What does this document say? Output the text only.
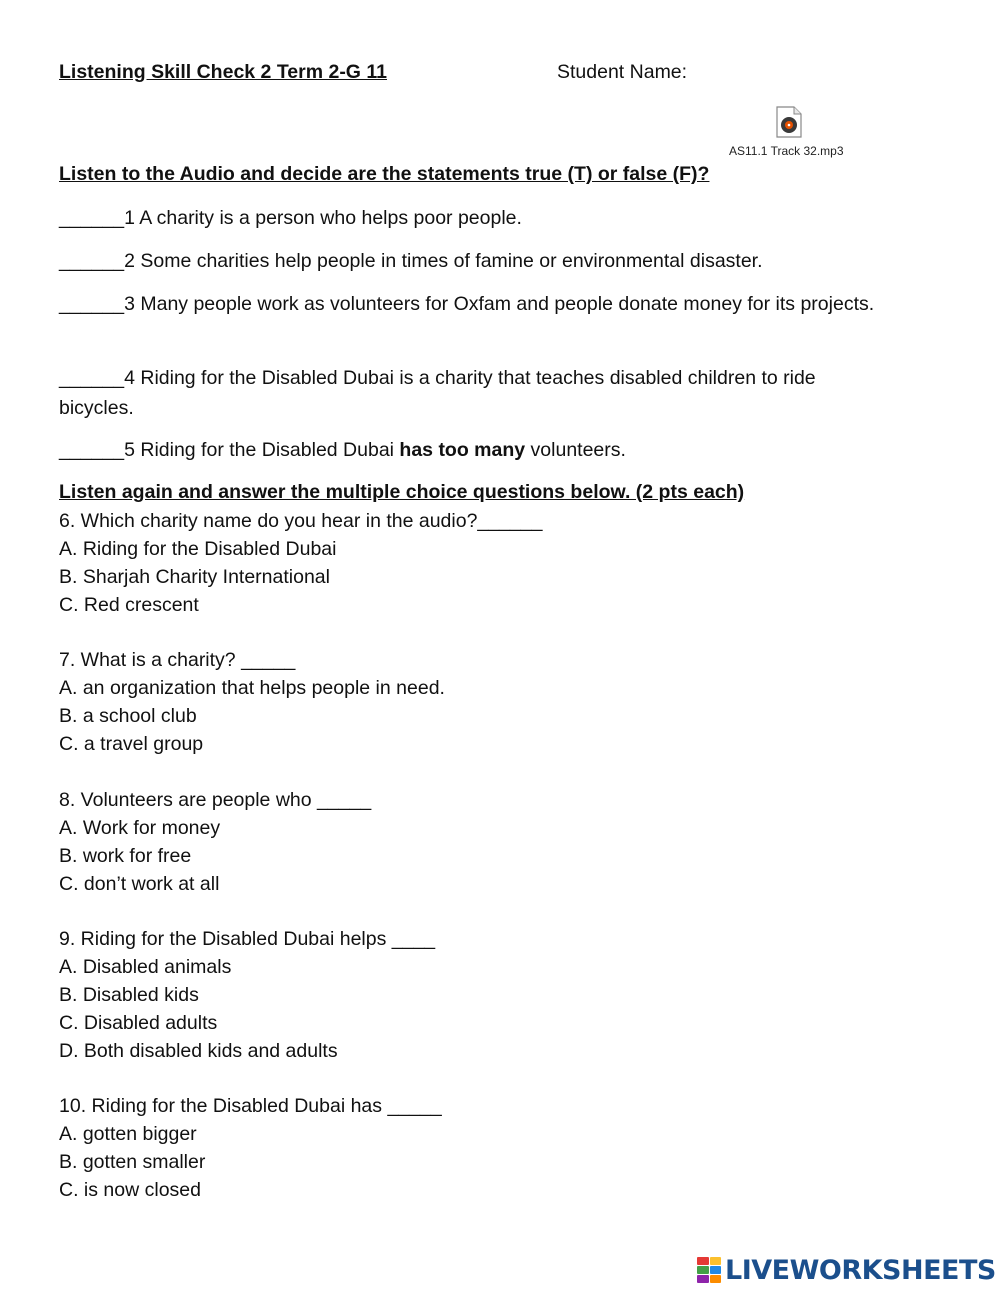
Listening Skill Check 2 Term 2-G 11	Student Name:
AS11.1 Track 32.mp3
Listen to the Audio and decide are the statements true (T) or false (F)?
______1 A charity is a person who helps poor people.
______2 Some charities help people in times of famine or environmental disaster.
______3 Many people work as volunteers for Oxfam and people donate money for its projects.
______4 Riding for the Disabled Dubai is a charity that teaches disabled children to ride bicycles.
______5 Riding for the Disabled Dubai has too many volunteers.
Listen again and answer the multiple choice questions below. (2 pts each)
6. Which charity name do you hear in the audio?______
A. Riding for the Disabled Dubai
B. Sharjah Charity International
C. Red crescent
7. What is a charity? _____
A. an organization that helps people in need.
B. a school club
C. a travel group
8. Volunteers are people who _____
A. Work for money
B. work for free
C. don’t work at all
9. Riding for the Disabled Dubai helps ____
A. Disabled animals
B. Disabled kids
C. Disabled adults
D. Both disabled kids and adults
10. Riding for the Disabled Dubai has _____
A. gotten bigger
B. gotten smaller
C. is now closed
LIVEWORKSHEETS
